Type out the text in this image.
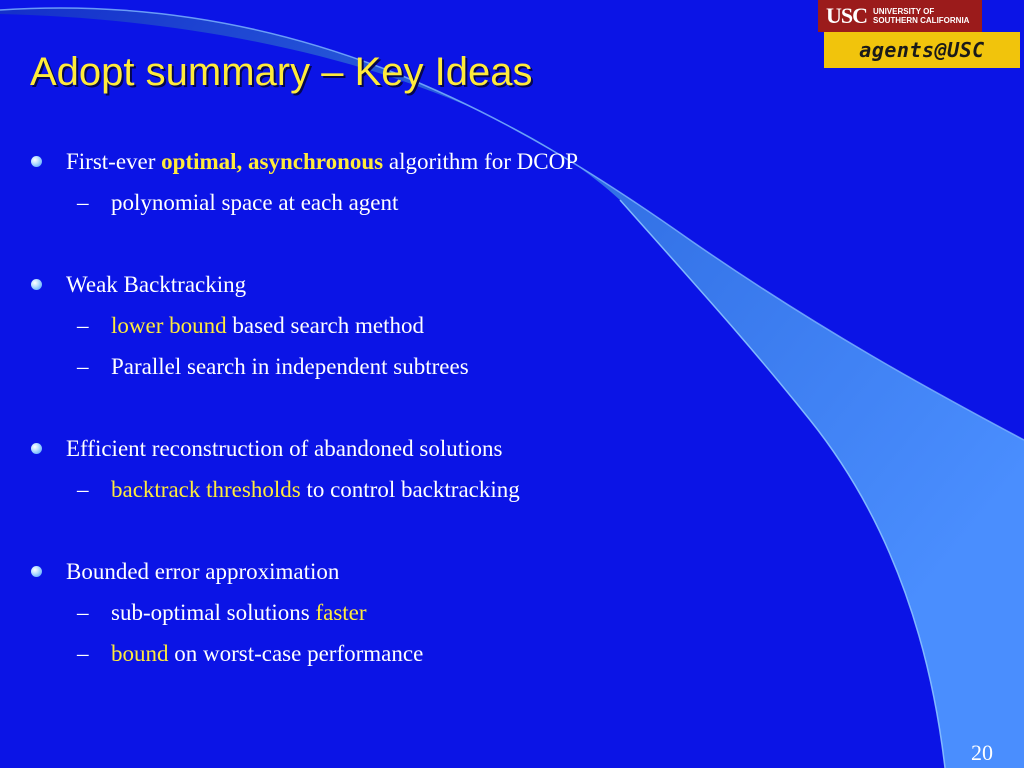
USC UNIVERSITY OF
SOUTHERN CALIFORNIA
agents@USC
Adopt summary – Key Ideas
First-ever optimal, asynchronous algorithm for DCOP
– polynomial space at each agent
Weak Backtracking
– lower bound based search method
– Parallel search in independent subtrees
Efficient reconstruction of abandoned solutions
– backtrack thresholds to control backtracking
Bounded error approximation
– sub-optimal solutions faster
– bound on worst-case performance
20
